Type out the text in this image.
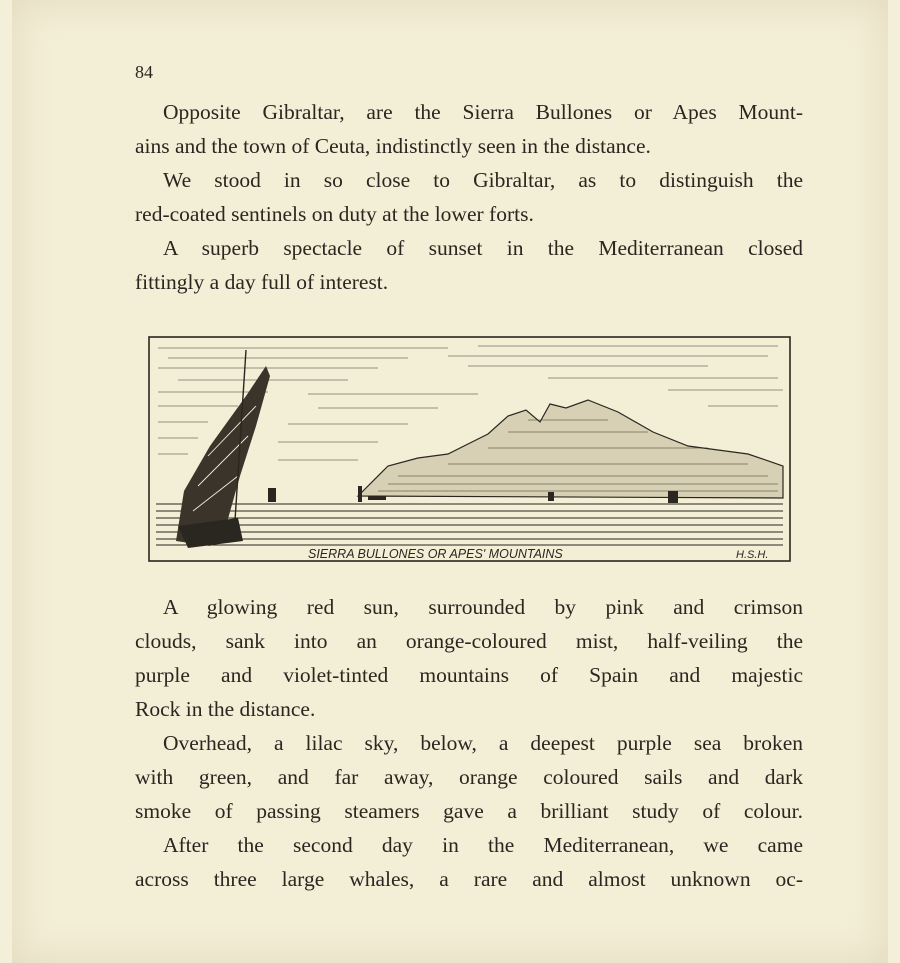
84
Opposite Gibraltar, are the Sierra Bullones or Apes Mount-
ains and the town of Ceuta, indistinctly seen in the distance.
We stood in so close to Gibraltar, as to distinguish the
red-coated sentinels on duty at the lower forts.
A superb spectacle of sunset in the Mediterranean closed
fittingly a day full of interest.
SIERRA BULLONES OR APES' MOUNTAINS	H.S.H.
A glowing red sun, surrounded by pink and crimson
clouds, sank into an orange-coloured mist, half-veiling the
purple and violet-tinted mountains of Spain and majestic
Rock in the distance.
Overhead, a lilac sky, below, a deepest purple sea broken
with green, and far away, orange coloured sails and dark
smoke of passing steamers gave a brilliant study of colour.
After the second day in the Mediterranean, we came
across three large whales, a rare and almost unknown oc-
